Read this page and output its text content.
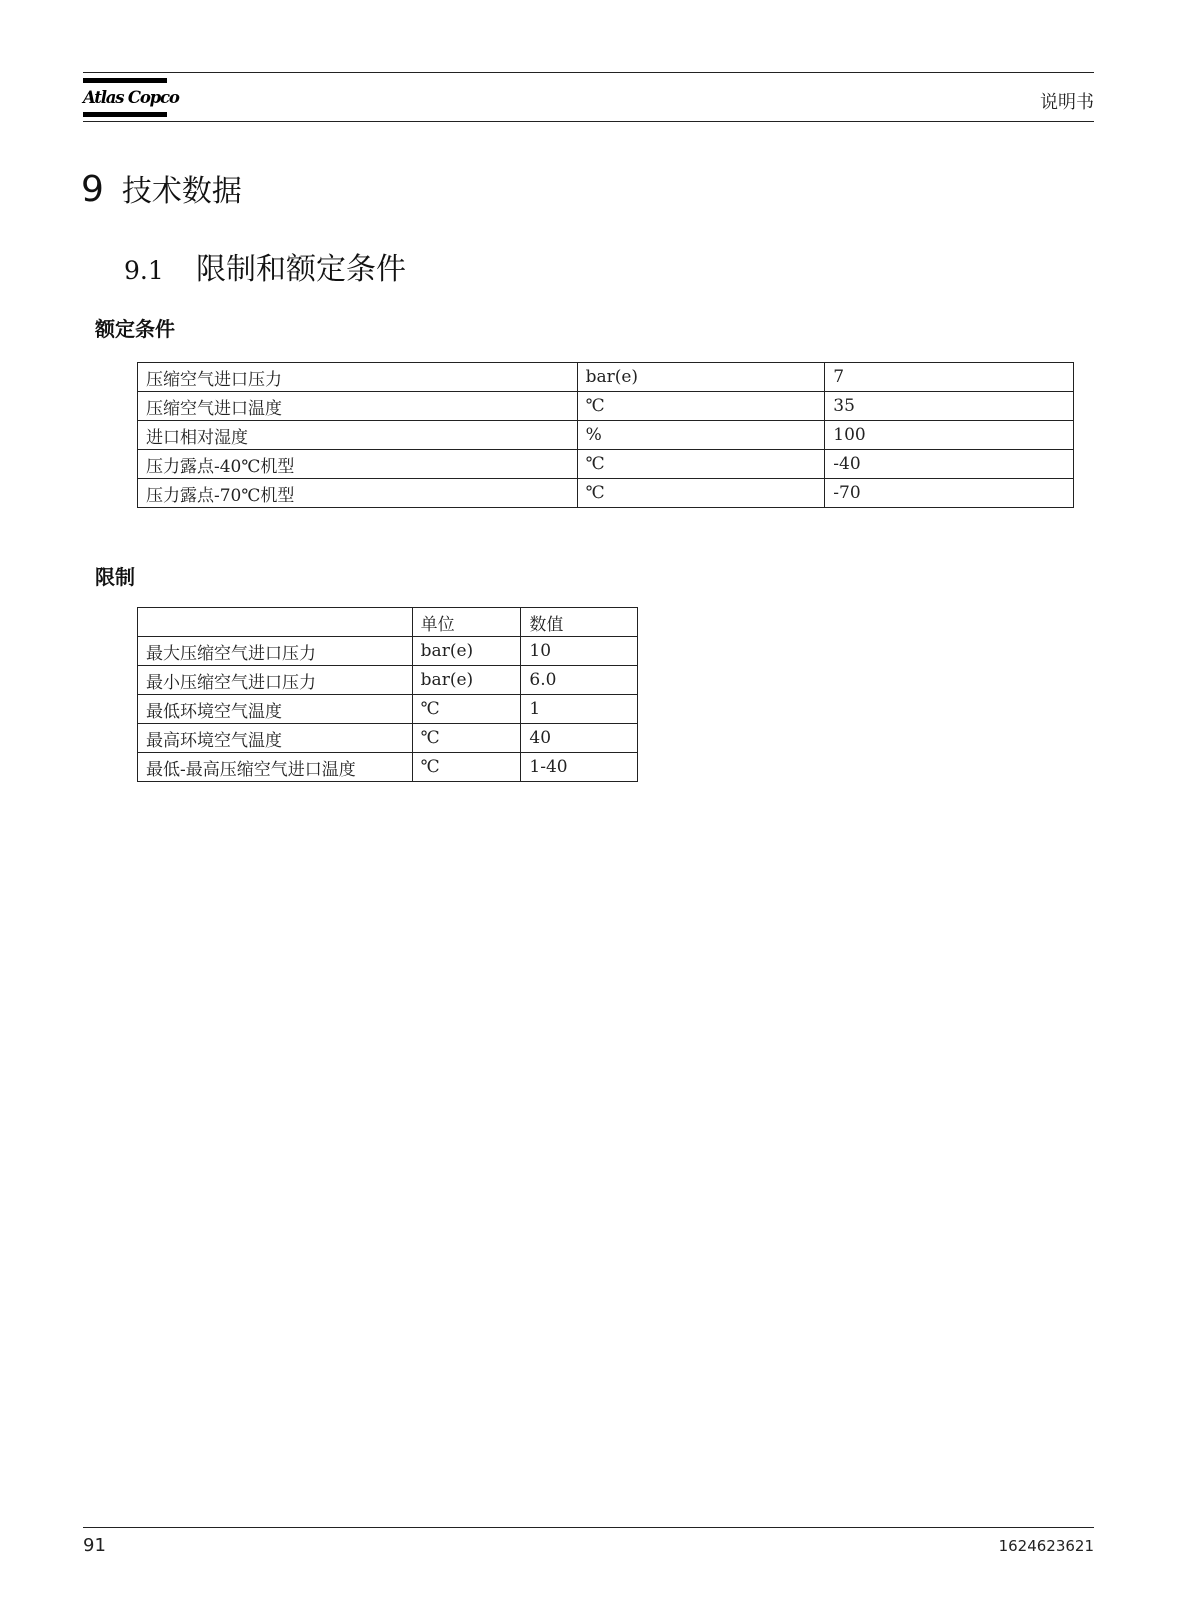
Atlas Copco	说明书
9 技术数据
9.1 限制和额定条件
额定条件
压缩空气进口压力	bar(e)	7
压缩空气进口温度	℃	35
进口相对湿度	%	100
压力露点-40℃机型	℃	-40
压力露点-70℃机型	℃	-70
限制
	单位	数值
最大压缩空气进口压力	bar(e)	10
最小压缩空气进口压力	bar(e)	6.0
最低环境空气温度	℃	1
最高环境空气温度	℃	40
最低-最高压缩空气进口温度	℃	1-40
91	1624623621
